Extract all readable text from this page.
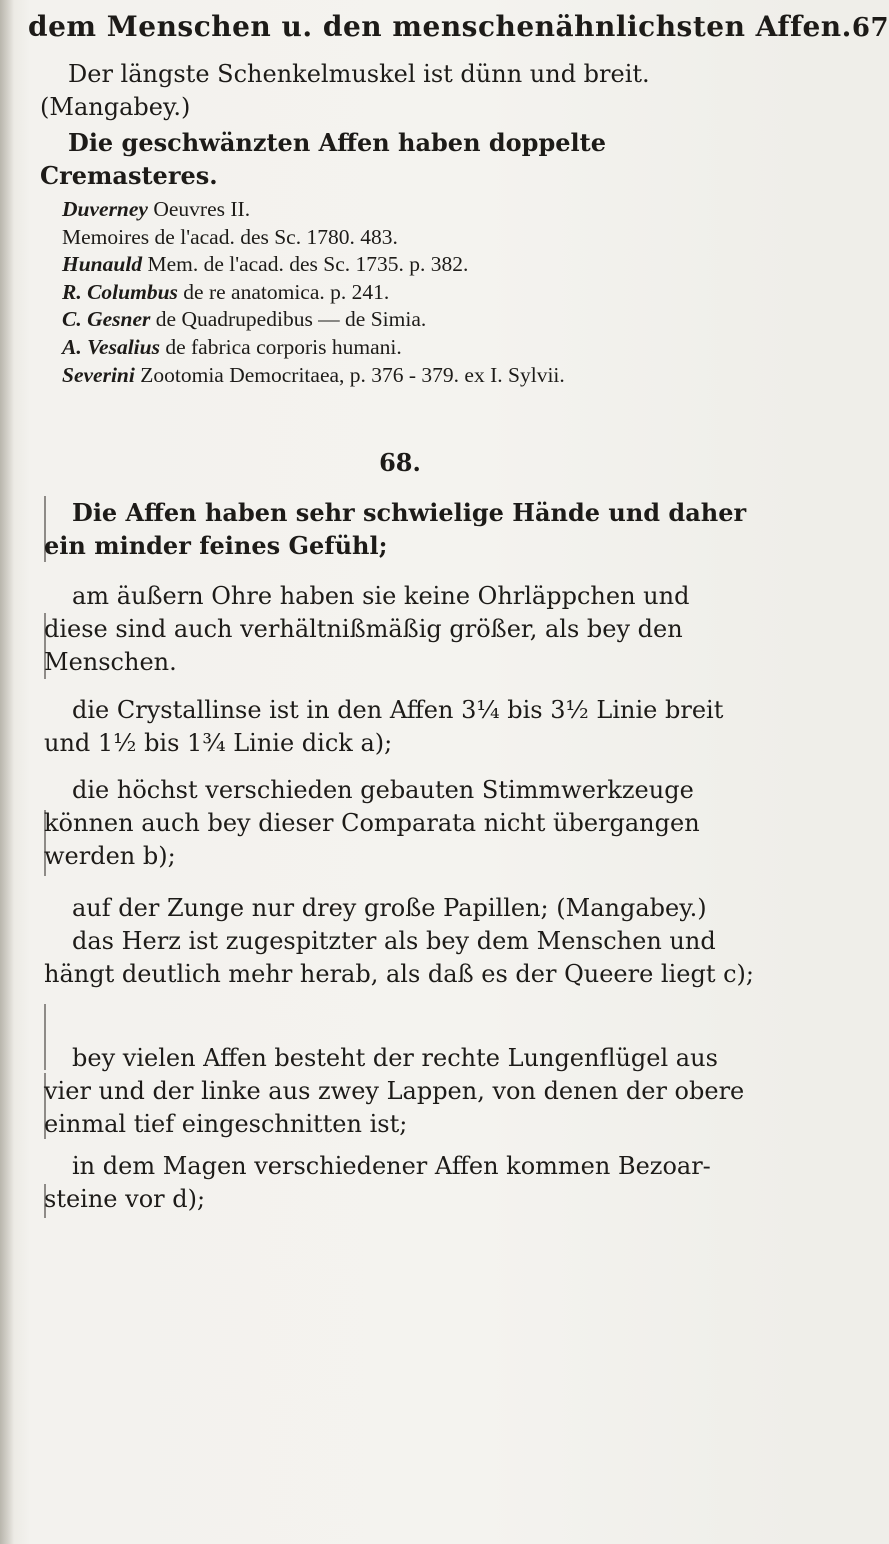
dem Menschen u. den menschenähnlichsten Affen. 67
Der längste Schenkelmuskel ist dünn und breit.
(Mangabey.)
Die geschwänzten Affen haben doppelte Cremasteres.
Duverney Oeuvres II.
Memoires de l'acad. des Sc. 1780. 483.
Hunauld Mem. de l'acad. des Sc. 1735. p. 382.
R. Columbus de re anatomica. p. 241.
C. Gesner de Quadrupedibus — de Simia.
A. Vesalius de fabrica corporis humani.
Severini Zootomia Democritaea, p. 376 - 379. ex I. Sylvii.
68.

Die Affen haben sehr schwielige Hände und daher

ein minder feines Gefühl;

am äußern Ohre haben sie keine Ohrläppchen und

diese sind auch verhältnißmäßig größer, als bey den

Menschen.

die Crystallinse ist in den Affen 3¼ bis 3½ Linie breit

und 1½ bis 1¾ Linie dick a);

die höchst verschieden gebauten Stimmwerkzeuge

können auch bey dieser Comparata nicht übergangen

werden b);

auf der Zunge nur drey große Papillen; (Mangabey.)

das Herz ist zugespitzter als bey dem Menschen und

hängt deutlich mehr herab, als daß es der Queere liegt c);

bey vielen Affen besteht der rechte Lungenflügel aus

vier und der linke aus zwey Lappen, von denen der obere

einmal tief eingeschnitten ist;

in dem Magen verschiedener Affen kommen Bezoar-

steine vor d);
